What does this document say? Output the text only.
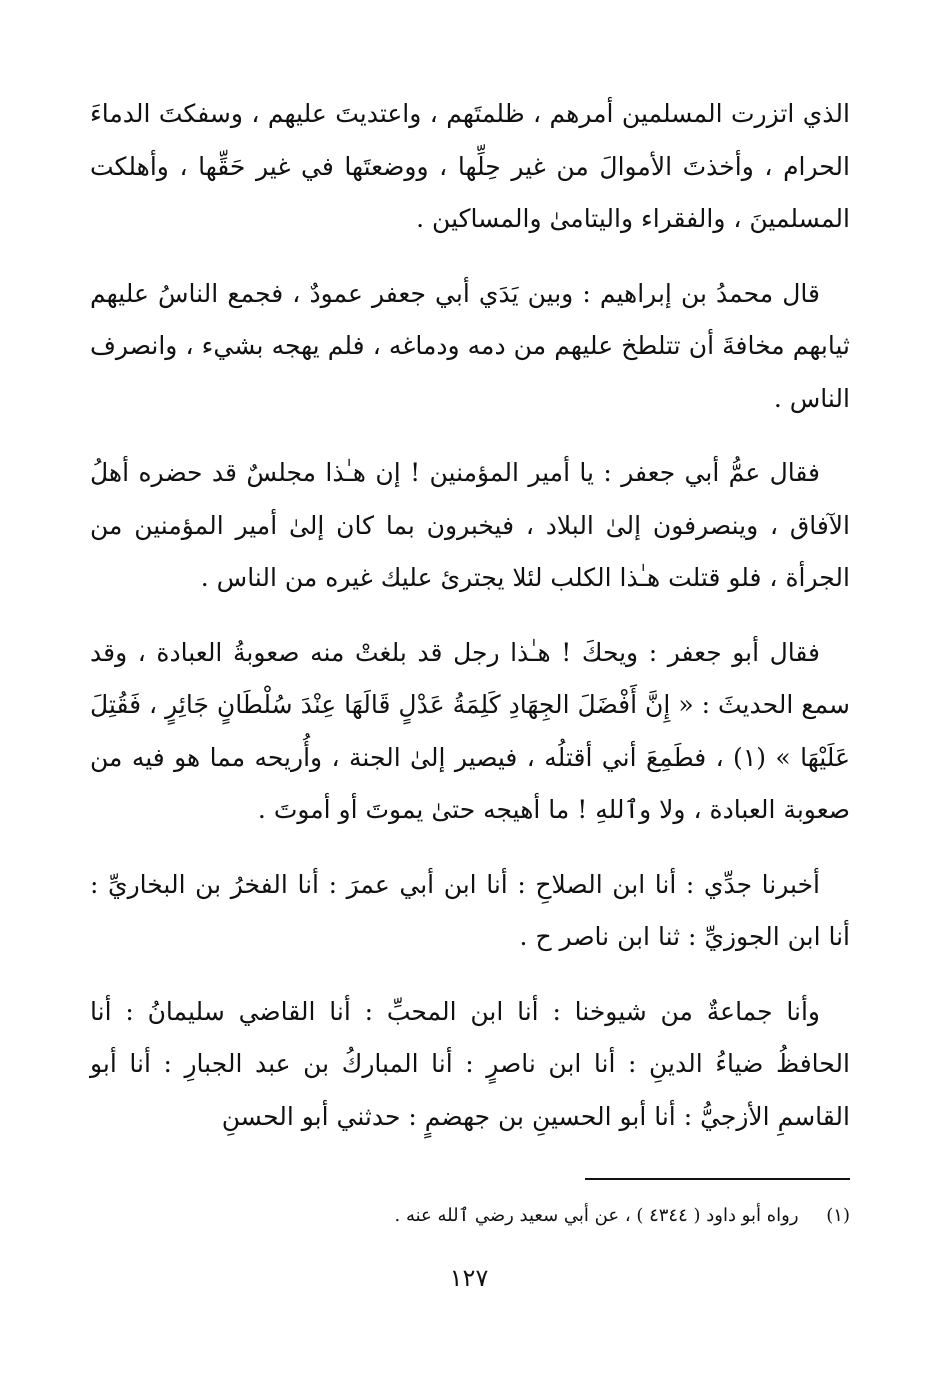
الذي اتزرت المسلمين أمرهم ، ظلمتَهم ، واعتديتَ عليهم ، وسفكتَ الدماءَ الحرام ، وأخذتَ الأموالَ من غير حِلِّها ، ووضعتَها في غير حَقِّها ، وأهلكت المسلمينَ ، والفقراء واليتامىٰ والمساكين .

قال محمدُ بن إبراهيم : وبين يَدَي أبي جعفر عمودٌ ، فجمع الناسُ عليهم ثيابهم مخافةَ أن تتلطخ عليهم من دمه ودماغه ، فلم يهجه بشيء ، وانصرف الناس .

فقال عمُّ أبي جعفر : يا أمير المؤمنين ! إن هـٰذا مجلسٌ قد حضره أهلُ الآفاق ، وينصرفون إلىٰ البلاد ، فيخبرون بما كان إلىٰ أمير المؤمنين من الجرأة ، فلو قتلت هـٰذا الكلب لئلا يجترئ عليك غيره من الناس .

فقال أبو جعفر : ويحكَ ! هـٰذا رجل قد بلغتْ منه صعوبةُ العبادة ، وقد سمع الحديثَ : « إِنَّ أَفْضَلَ الجِهَادِ كَلِمَةُ عَدْلٍ قَالَهَا عِنْدَ سُلْطَانٍ جَائِرٍ ، فَقُتِلَ عَلَيْهَا » (١) ، فطَمِعَ أني أقتلُه ، فيصير إلىٰ الجنة ، وأُريحه مما هو فيه من صعوبة العبادة ، ولا وٱللهِ ! ما أهيجه حتىٰ يموتَ أو أموتَ .

أخبرنا جدِّي : أنا ابن الصلاحِ : أنا ابن أبي عمرَ : أنا الفخرُ بن البخاريِّ : أنا ابن الجوزيِّ : ثنا ابن ناصر ح .

وأنا جماعةٌ من شيوخنا : أنا ابن المحبِّ : أنا القاضي سليمانُ : أنا الحافظُ ضياءُ الدينِ : أنا ابن ناصرٍ : أنا المباركُ بن عبد الجبارِ : أنا أبو القاسمِ الأزجيُّ : أنا أبو الحسينِ بن جهضمٍ : حدثني أبو الحسنِ

(١) رواه أبو داود ( ٤٣٤٤ ) ، عن أبي سعيد رضي ٱلله عنه .
١٢٧
